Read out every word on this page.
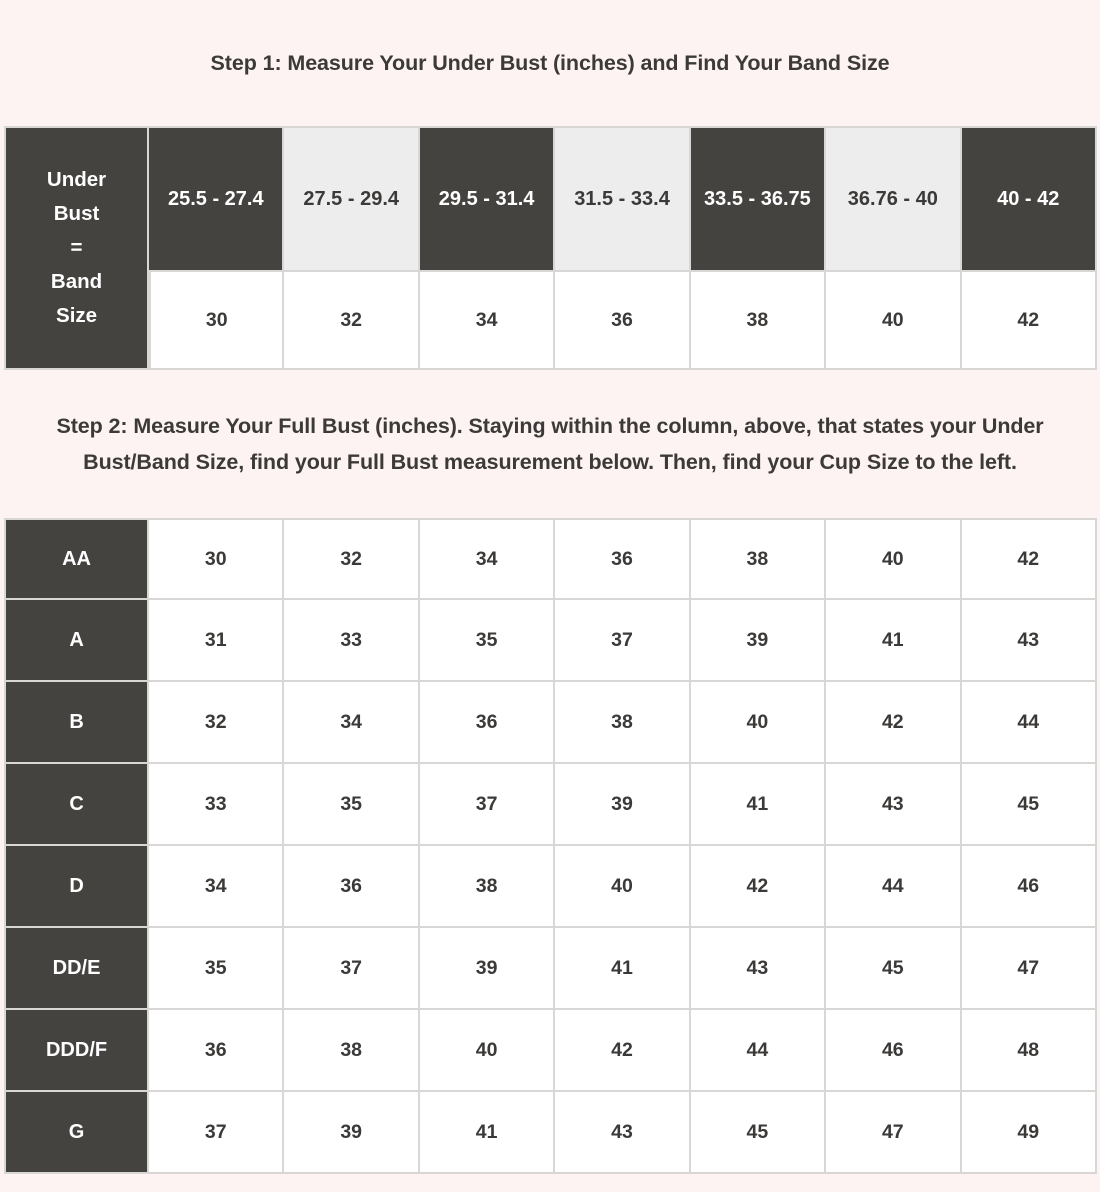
Step 1: Measure Your Under Bust (inches) and Find Your Band Size
Under
Bust
=
Band
Size	25.5 - 27.4	27.5 - 29.4	29.5 - 31.4	31.5 - 33.4	33.5 - 36.75	36.76 - 40	40 - 42
	30	32	34	36	38	40	42
Step 2: Measure Your Full Bust (inches). Staying within the column, above, that states your Under Bust/Band Size, find your Full Bust measurement below. Then, find your Cup Size to the left.
AA	30	32	34	36	38	40	42
A	31	33	35	37	39	41	43
B	32	34	36	38	40	42	44
C	33	35	37	39	41	43	45
D	34	36	38	40	42	44	46
DD/E	35	37	39	41	43	45	47
DDD/F	36	38	40	42	44	46	48
G	37	39	41	43	45	47	49
